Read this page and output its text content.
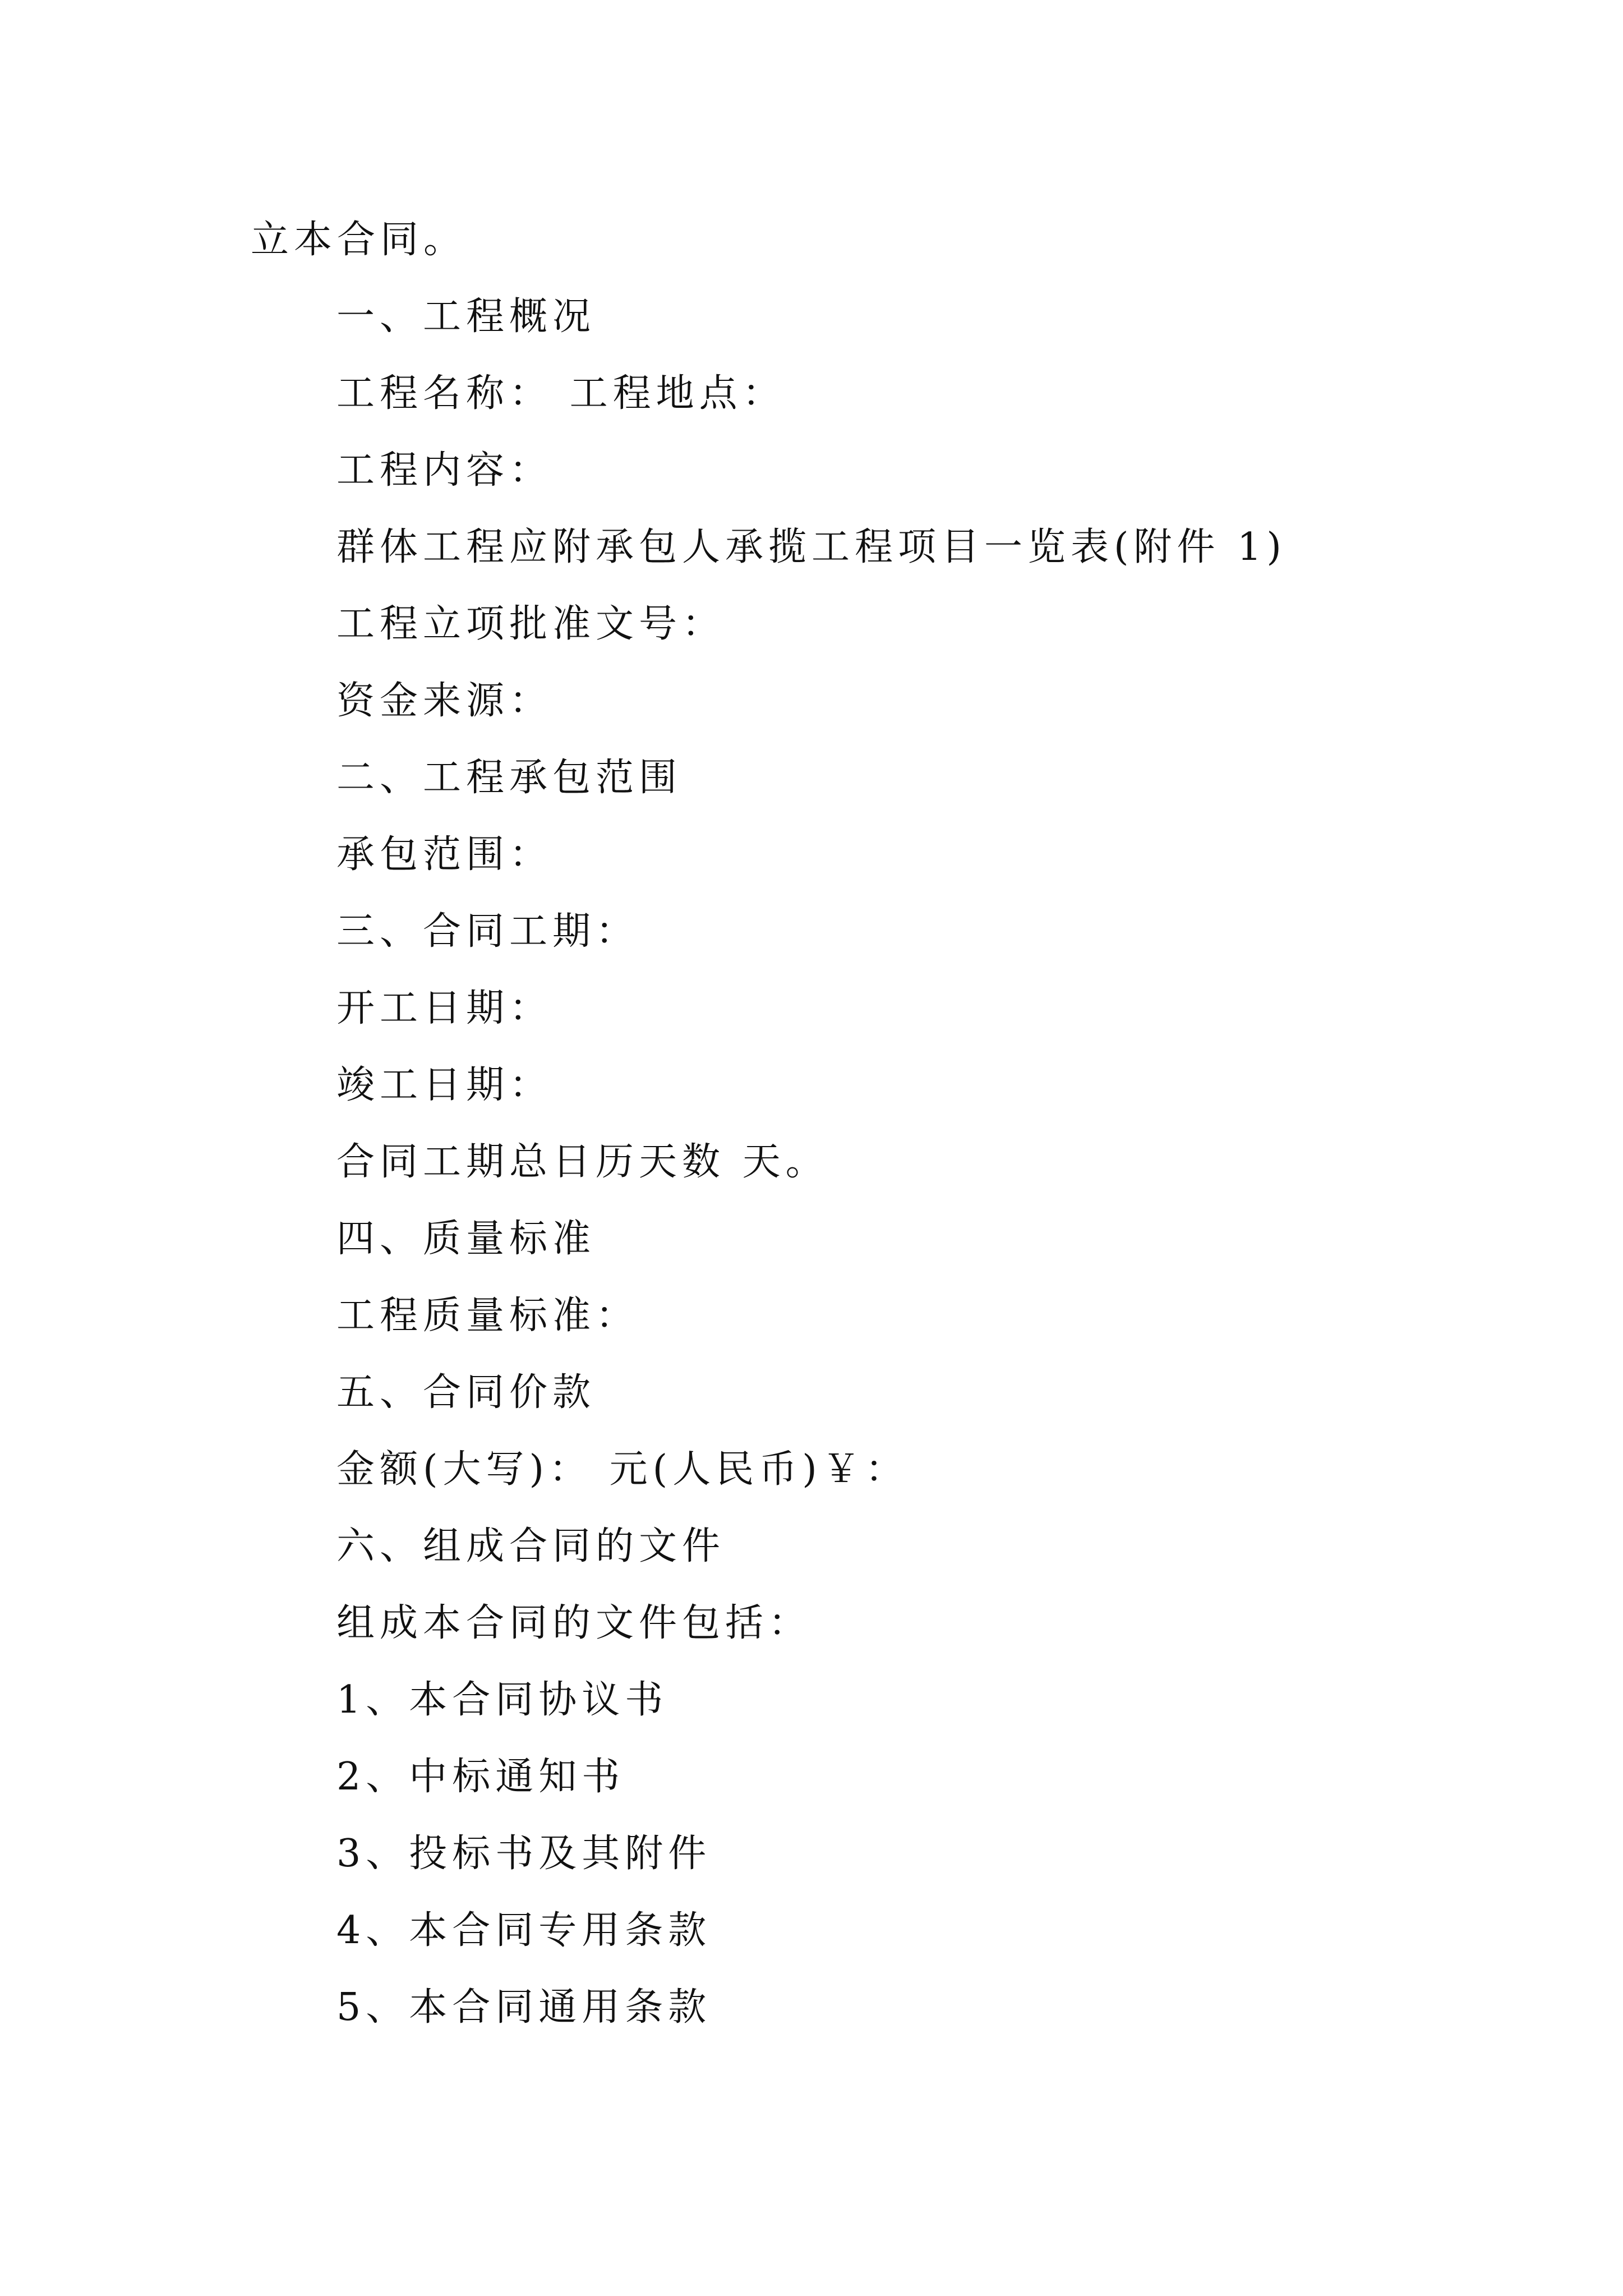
立本合同。
一、工程概况
工程名称： 工程地点：
工程内容：
群体工程应附承包人承揽工程项目一览表(附件 1)
工程立项批准文号：
资金来源：
二、工程承包范围
承包范围：
三、合同工期：
开工日期：
竣工日期：
合同工期总日历天数 天。
四、质量标准
工程质量标准：
五、合同价款
金额(大写)： 元(人民币)￥：
六、组成合同的文件
组成本合同的文件包括：
1、本合同协议书
2、中标通知书
3、投标书及其附件
4、本合同专用条款
5、本合同通用条款
